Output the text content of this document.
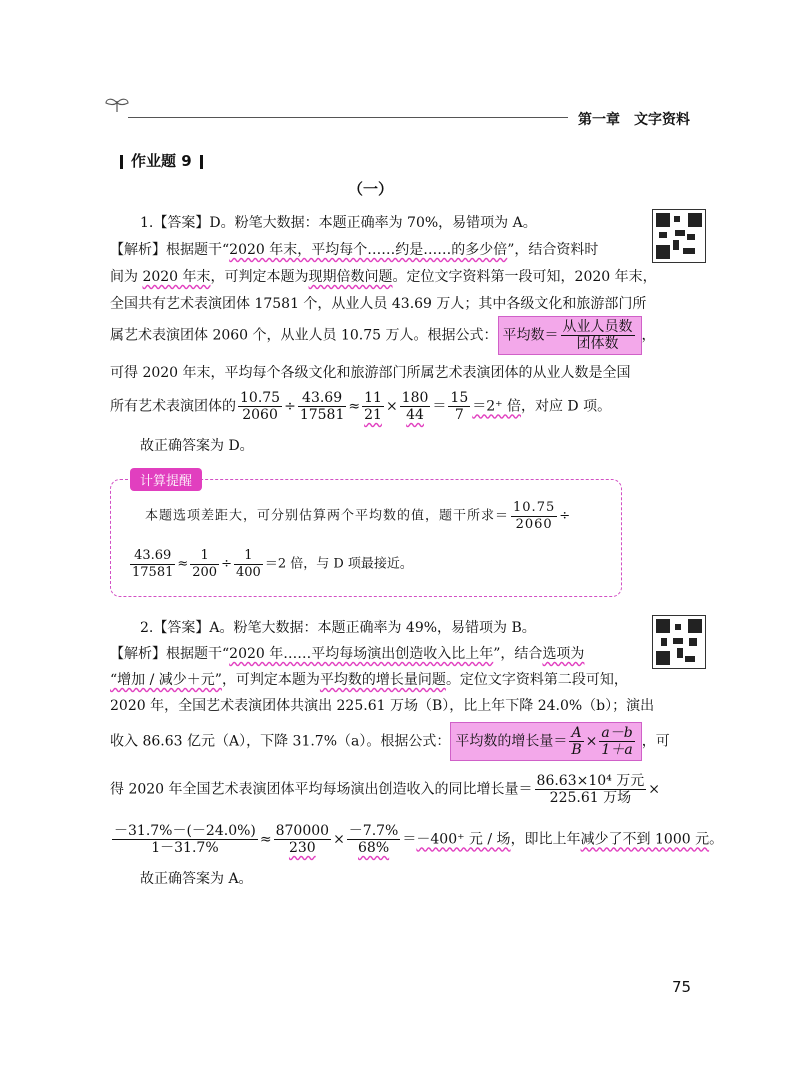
第一章 文字资料
作业题 9
（一）
1.【答案】D。粉笔大数据：本题正确率为 70%，易错项为 A。
【解析】根据题干“2020 年末，平均每个……约是……的多少倍”，结合资料时
间为 2020 年末，可判定本题为现期倍数问题。定位文字资料第一段可知，2020 年末，
全国共有艺术表演团体 17581 个，从业人员 43.69 万人；其中各级文化和旅游部门所
属艺术表演团体 2060 个，从业人员 10.75 万人。根据公式： 平均数＝ $\frac{\text{从业人员数}}{\text{团体数}}$ ，
可得 2020 年末，平均每个各级文化和旅游部门所属艺术表演团体的从业人数是全国
所有艺术表演团体的 $\frac{10.75}{2060} \div \frac{43.69}{17581} \approx \frac{11}{21} \times \frac{180}{44} = \frac{15}{7} =2^+$ 倍，对应 D 项。
故正确答案为 D。
计算提醒
本题选项差距大，可分别估算两个平均数的值，题干所求＝ $\frac{10.75}{2060}$ ÷
$\frac{43.69}{17581} \approx \frac{1}{200} \div \frac{1}{400} =2$ 倍，与 D 项最接近。
2.【答案】A。粉笔大数据：本题正确率为 49%，易错项为 B。
【解析】根据题干“2020 年……平均每场演出创造收入比上年”，结合选项为
“增加 / 减少＋元”，可判定本题为平均数的增长量问题。定位文字资料第二段可知，
2020 年，全国艺术表演团体共演出 225.61 万场（B），比上年下降 24.0%（b）；演出
收入 86.63 亿元（A），下降 31.7%（a）。根据公式： 平均数的增长量＝ $\frac{A}{B} \times \frac{a-b}{1+a}$ ，可
得 2020 年全国艺术表演团体平均每场演出创造收入的同比增长量＝ $\frac{\text{86.63×10⁴ 万元}}{\text{225.61 万场}}$ ×
$\frac{-31.7\%-(-24.0\%)}{1-31.7\%} \approx \frac{870000}{230} \times \frac{-7.7\%}{68\%} =-400^+$ 元 / 场，即比上年减少了不到 1000 元。
故正确答案为 A。
75
